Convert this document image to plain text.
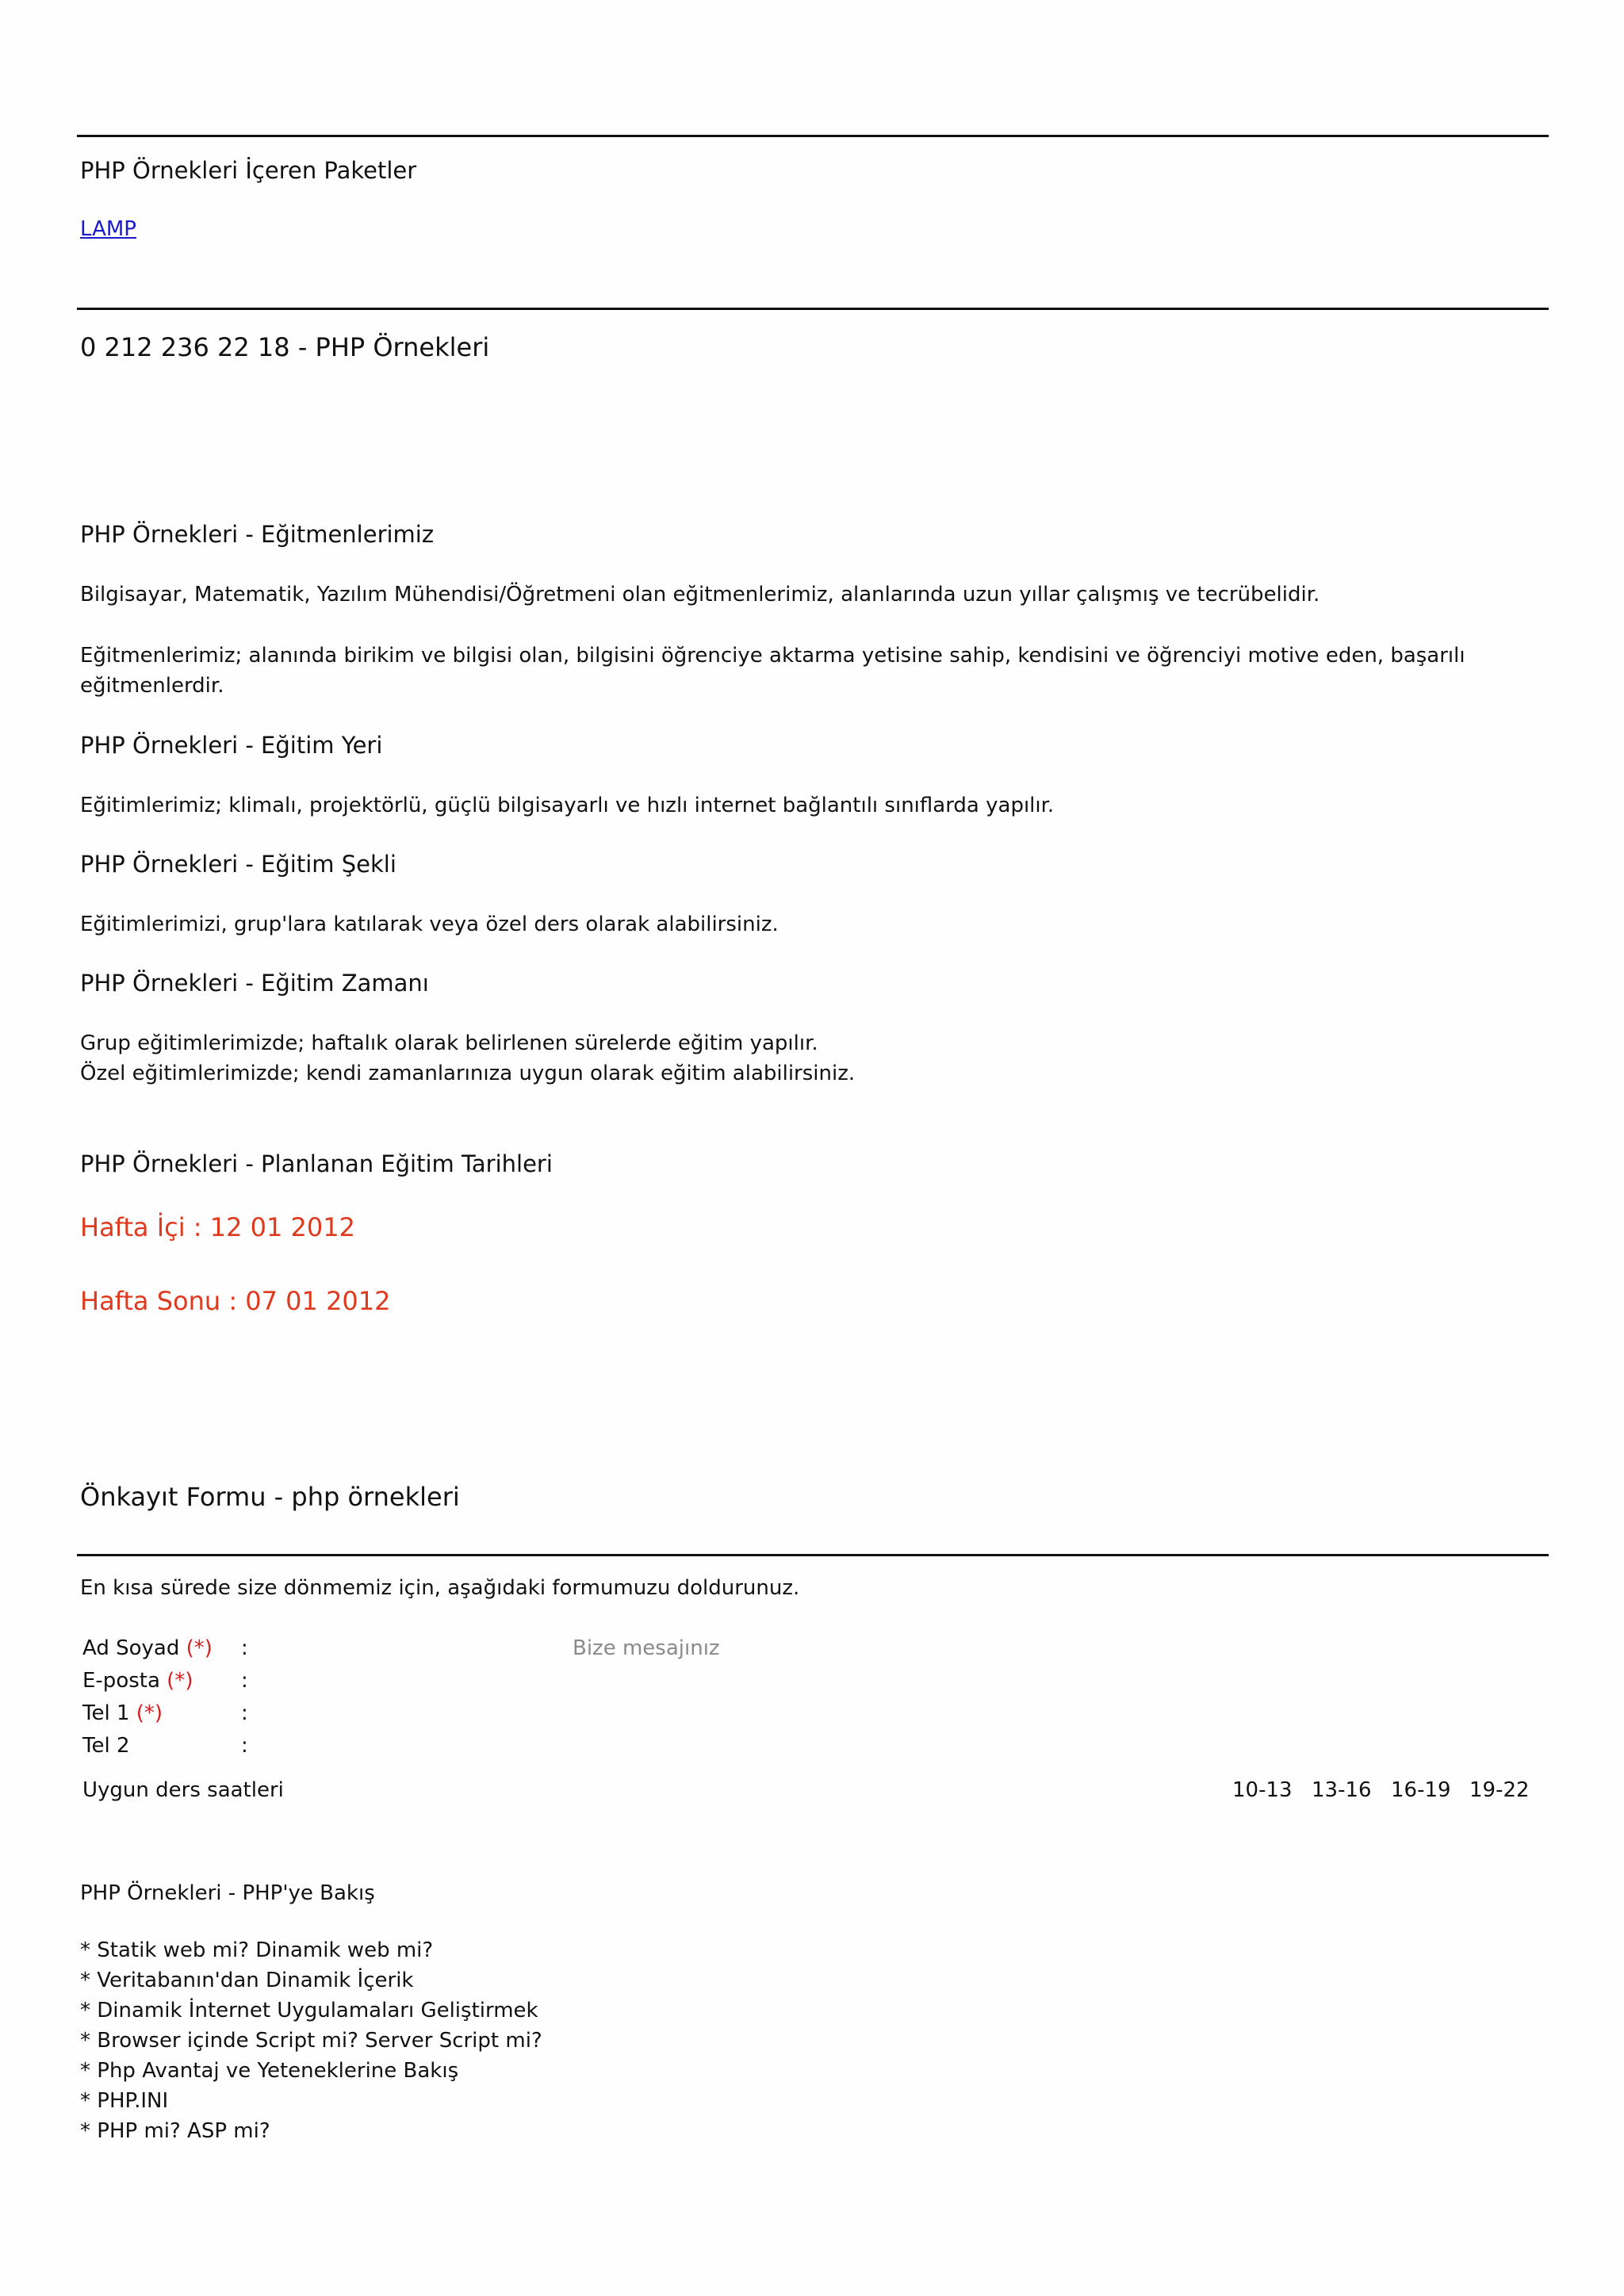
PHP Örnekleri İçeren Paketler

LAMP

0 212 236 22 18 - PHP Örnekleri

PHP Örnekleri - Eğitmenlerimiz

Bilgisayar, Matematik, Yazılım Mühendisi/Öğretmeni olan eğitmenlerimiz, alanlarında uzun yıllar çalışmış ve tecrübelidir.

Eğitmenlerimiz; alanında birikim ve bilgisi olan, bilgisini öğrenciye aktarma yetisine sahip, kendisini ve öğrenciyi motive eden, başarılı
eğitmenlerdir.

PHP Örnekleri - Eğitim Yeri

Eğitimlerimiz; klimalı, projektörlü, güçlü bilgisayarlı ve hızlı internet bağlantılı sınıflarda yapılır.

PHP Örnekleri - Eğitim Şekli

Eğitimlerimizi, grup'lara katılarak veya özel ders olarak alabilirsiniz.

PHP Örnekleri - Eğitim Zamanı

Grup eğitimlerimizde; haftalık olarak belirlenen sürelerde eğitim yapılır.
Özel eğitimlerimizde; kendi zamanlarınıza uygun olarak eğitim alabilirsiniz.

PHP Örnekleri - Planlanan Eğitim Tarihleri

Hafta İçi : 12 01 2012

Hafta Sonu : 07 01 2012

Önkayıt Formu - php örnekleri

En kısa sürede size dönmemiz için, aşağıdaki formumuzu doldurunuz.

Ad Soyad (*) :
E-posta (*) :
Tel 1 (*)	:
Tel 2	:
Bize mesajınız
Uygun ders saatleri	10-13 13-16 16-19 19-22

PHP Örnekleri - PHP'ye Bakış

* Statik web mi? Dinamik web mi?
* Veritabanın'dan Dinamik İçerik
* Dinamik İnternet Uygulamaları Geliştirmek
* Browser içinde Script mi? Server Script mi?
* Php Avantaj ve Yeteneklerine Bakış
* PHP.INI
* PHP mi? ASP mi?
